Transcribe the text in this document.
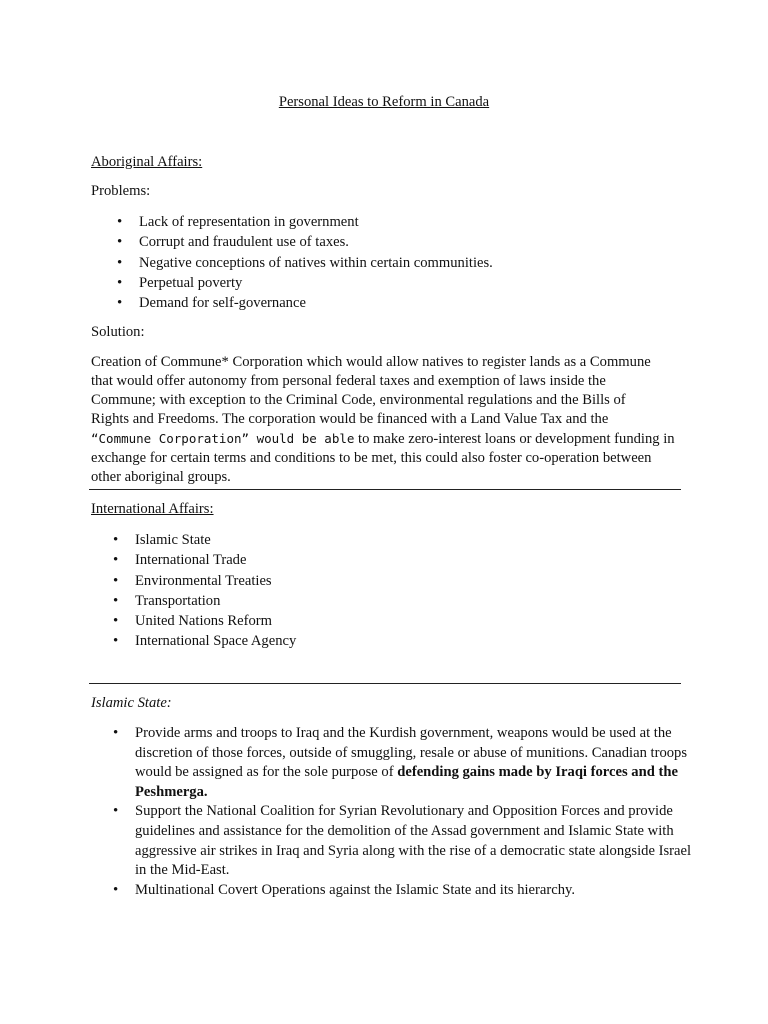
Personal Ideas to Reform in Canada
Aboriginal Affairs:
Problems:
• Lack of representation in government
• Corrupt and fraudulent use of taxes.
• Negative conceptions of natives within certain communities.
• Perpetual poverty
• Demand for self-governance
Solution:
Creation of Commune* Corporation which would allow natives to register lands as a Commune
that would offer autonomy from personal federal taxes and exemption of laws inside the
Commune; with exception to the Criminal Code, environmental regulations and the Bills of
Rights and Freedoms. The corporation would be financed with a Land Value Tax and the
“Commune Corporation” would be able to make zero-interest loans or development funding in
exchange for certain terms and conditions to be met, this could also foster co-operation between
other aboriginal groups.
International Affairs:
• Islamic State
• International Trade
• Environmental Treaties
• Transportation
• United Nations Reform
• International Space Agency
Islamic State:
• Provide arms and troops to Iraq and the Kurdish government, weapons would be used at the discretion of those forces, outside of smuggling, resale or abuse of munitions. Canadian troops would be assigned as for the sole purpose of defending gains made by Iraqi forces and the Peshmerga.
• Support the National Coalition for Syrian Revolutionary and Opposition Forces and provide guidelines and assistance for the demolition of the Assad government and Islamic State with aggressive air strikes in Iraq and Syria along with the rise of a democratic state alongside Israel in the Mid-East.
• Multinational Covert Operations against the Islamic State and its hierarchy.
